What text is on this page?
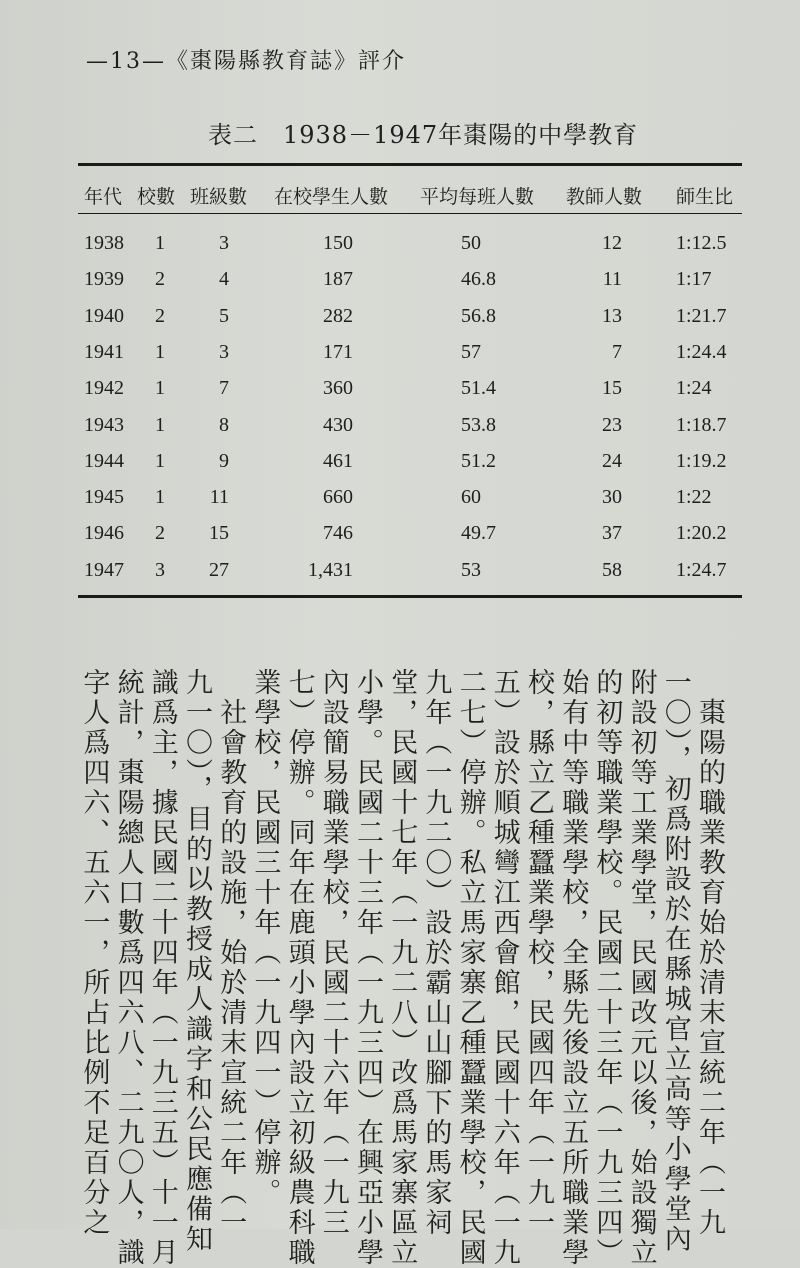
—13—《棗陽縣教育誌》評介
表二　1938－1947年棗陽的中學教育
年代 校數 班級數 在校學生人數 平均每班人數 教師人數 師生比
1938 1	3	150	50	12	1:12.5
1939 2	4	187	46.8	11	1:17
1940 2	5	282	56.8	13	1:21.7
1941 1	3	171	57	7	1:24.4
1942 1	7	360	51.4	15	1:24
1943 1	8	430	53.8	23	1:18.7
1944 1	9	461	51.2	24	1:19.2
1945 1 11	660	60	30	1:22
1946 2 15	746	49.7	37	1:20.2
1947 3 27	1,431	53	58	1:24.7
　棗陽的職業教育始於清末宣統二年（一九
一〇），初爲附設於在縣城官立高等小學堂內
附設初等工業學堂，民國改元以後，始設獨立
的初等職業學校。民國二十三年（一九三四）
始有中等職業學校，全縣先後設立五所職業學
校，縣立乙種蠶業學校，民國四年（一九一
五）設於順城彎江西會館，民國十六年（一九
二七）停辦。私立馬家寨乙種蠶業學校，民國
九年（一九二〇）設於霸山山腳下的馬家祠
堂，民國十七年（一九二八）改爲馬家寨區立
小學。民國二十三年（一九三四）在興亞小學
內設簡易職業學校，民國二十六年（一九三
七）停辦。同年在鹿頭小學內設立初級農科職
業學校，民國三十年（一九四一）停辦。
　社會教育的設施，始於清末宣統二年（一
九一〇），目的以教授成人識字和公民應備知
識爲主，據民國二十四年（一九三五）十一月
統計，棗陽總人口數爲四六八、二九〇人，識
字人爲四六、五六一，所占比例不足百分之
